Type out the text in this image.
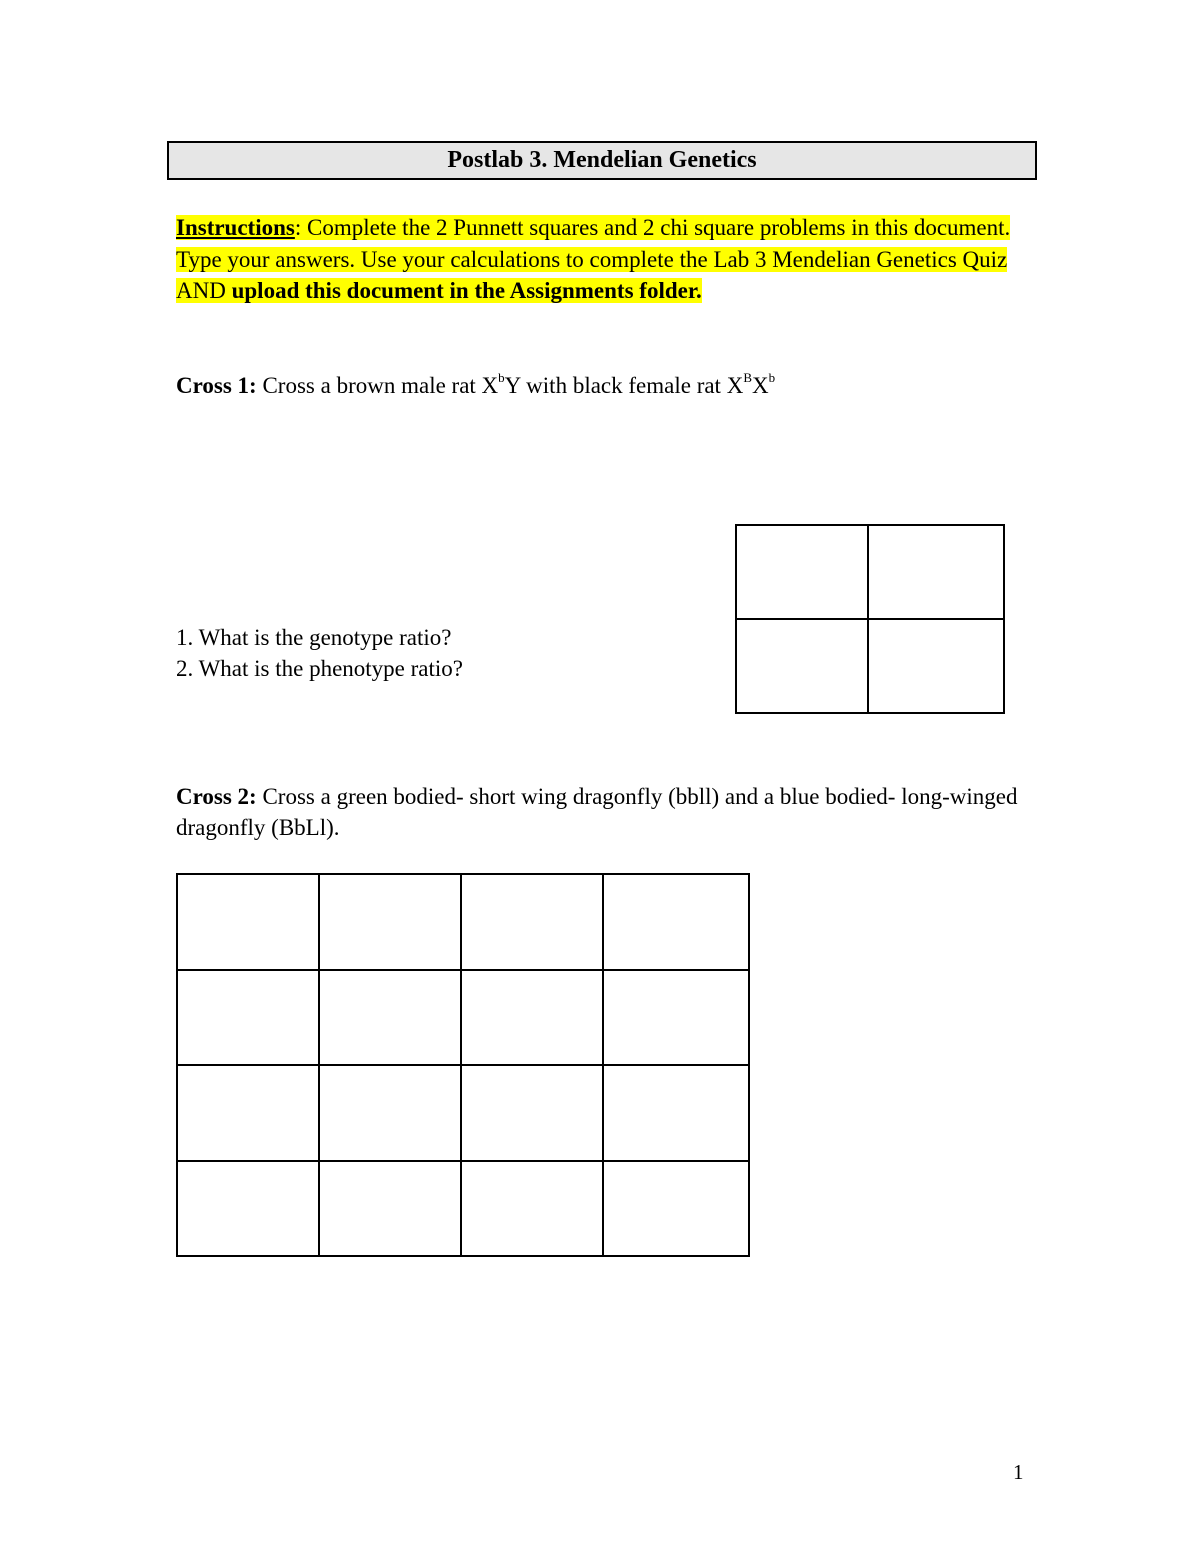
Postlab 3. Mendelian Genetics
Instructions: Complete the 2 Punnett squares and 2 chi square problems in this document. Type your answers. Use your calculations to complete the Lab 3 Mendelian Genetics Quiz AND upload this document in the Assignments folder.
Cross 1: Cross a brown male rat $X^bY$ with black female rat $X^BX^b$
1. What is the genotype ratio?
2. What is the phenotype ratio?

Cross 2: Cross a green bodied- short wing dragonfly (bbll) and a blue bodied- long-winged dragonfly (BbLl).

1
